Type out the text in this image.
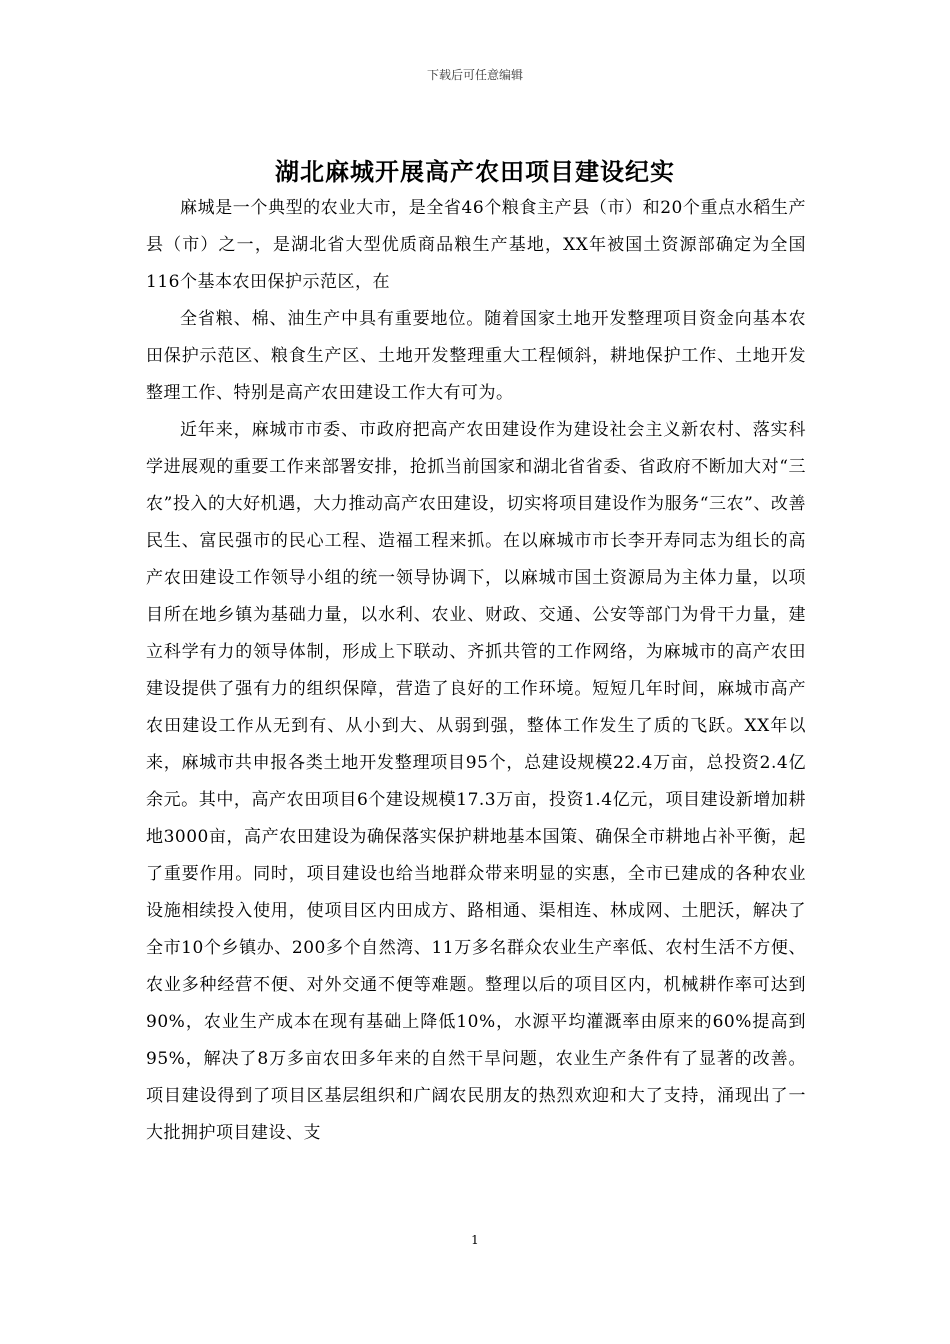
下载后可任意编辑
湖北麻城开展高产农田项目建设纪实

麻城是一个典型的农业大市，是全省46个粮食主产县（市）和20个重点水稻生产县（市）之一，是湖北省大型优质商品粮生产基地，XX年被国土资源部确定为全国116个基本农田保护示范区，在

全省粮、棉、油生产中具有重要地位。随着国家土地开发整理项目资金向基本农田保护示范区、粮食生产区、土地开发整理重大工程倾斜，耕地保护工作、土地开发整理工作、特别是高产农田建设工作大有可为。

近年来，麻城市市委、市政府把高产农田建设作为建设社会主义新农村、落实科学进展观的重要工作来部署安排，抢抓当前国家和湖北省省委、省政府不断加大对“三农”投入的大好机遇，大力推动高产农田建设，切实将项目建设作为服务“三农”、改善民生、富民强市的民心工程、造福工程来抓。在以麻城市市长李开寿同志为组长的高产农田建设工作领导小组的统一领导协调下，以麻城市国土资源局为主体力量，以项目所在地乡镇为基础力量，以水利、农业、财政、交通、公安等部门为骨干力量，建立科学有力的领导体制，形成上下联动、齐抓共管的工作网络，为麻城市的高产农田建设提供了强有力的组织保障，营造了良好的工作环境。短短几年时间，麻城市高产农田建设工作从无到有、从小到大、从弱到强，整体工作发生了质的飞跃。XX年以来，麻城市共申报各类土地开发整理项目95个，总建设规模22.4万亩，总投资2.4亿余元。其中，高产农田项目6个建设规模17.3万亩，投资1.4亿元，项目建设新增加耕地3000亩，高产农田建设为确保落实保护耕地基本国策、确保全市耕地占补平衡，起了重要作用。同时，项目建设也给当地群众带来明显的实惠，全市已建成的各种农业设施相续投入使用，使项目区内田成方、路相通、渠相连、林成网、土肥沃，解决了全市10个乡镇办、200多个自然湾、11万多名群众农业生产率低、农村生活不方便、农业多种经营不便、对外交通不便等难题。整理以后的项目区内，机械耕作率可达到90%，农业生产成本在现有基础上降低10%，水源平均灌溉率由原来的60%提高到95%，解决了8万多亩农田多年来的自然干旱问题，农业生产条件有了显著的改善。项目建设得到了项目区基层组织和广阔农民朋友的热烈欢迎和大了支持，涌现出了一大批拥护项目建设、支

1
